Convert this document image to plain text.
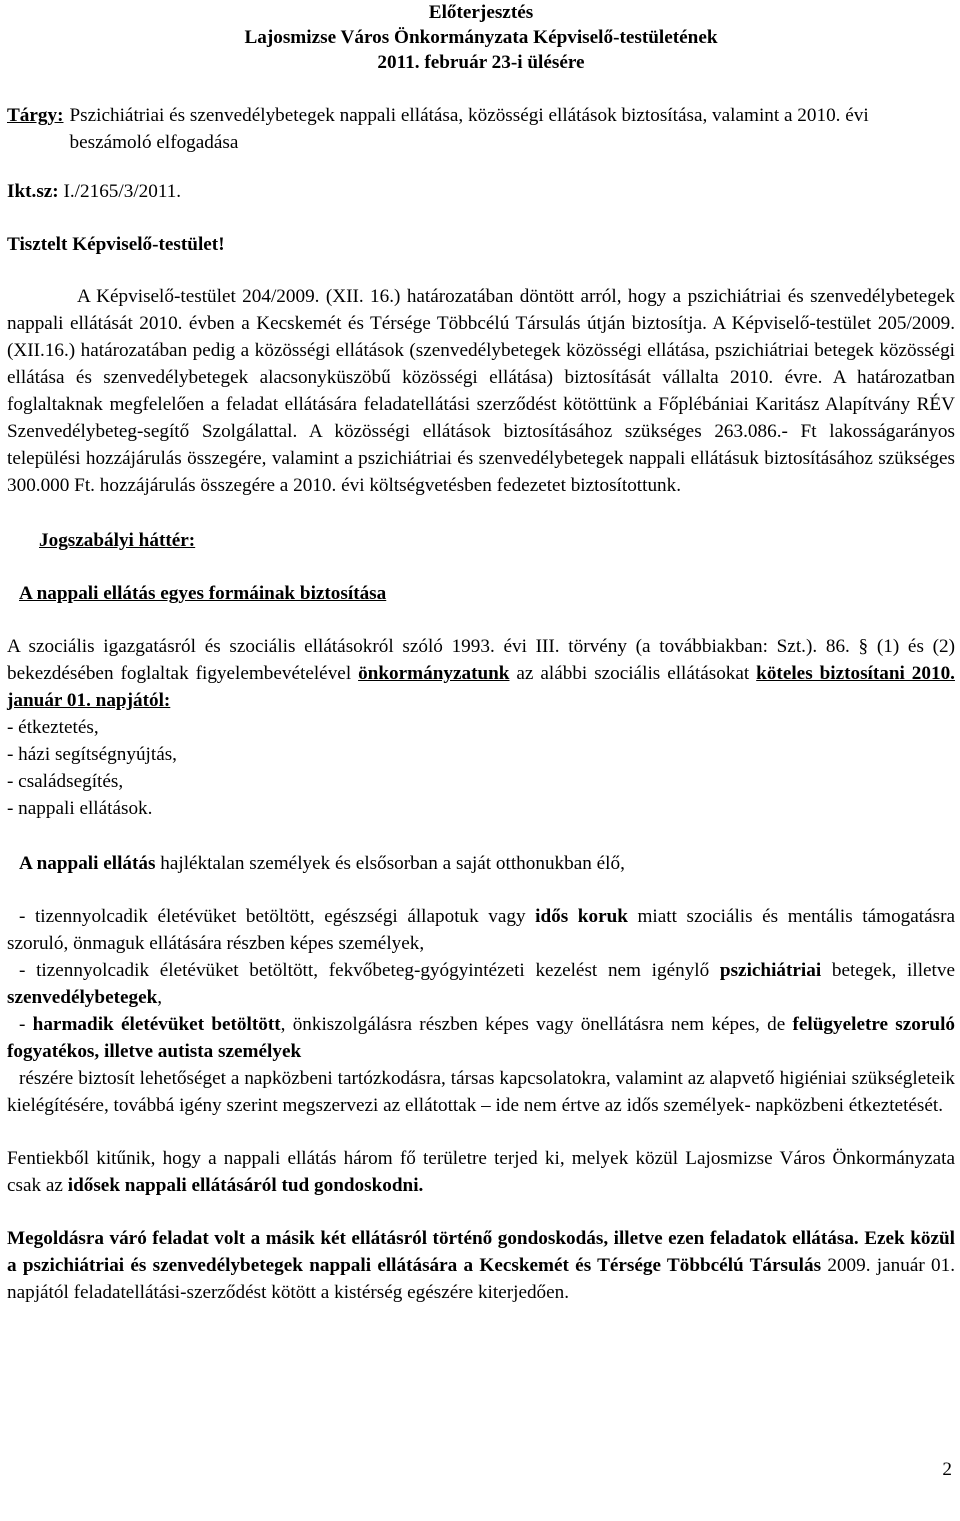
Előterjesztés
Lajosmizse Város Önkormányzata Képviselő-testületének
2011. február 23-i ülésére
Tárgy: Pszichiátriai és szenvedélybetegek nappali ellátása, közösségi ellátások biztosítása, valamint a 2010. évi beszámoló elfogadása
Ikt.sz: I./2165/3/2011.
Tisztelt Képviselő-testület!

A Képviselő-testület 204/2009. (XII. 16.) határozatában döntött arról, hogy a pszichiátriai és szenvedélybetegek nappali ellátását 2010. évben a Kecskemét és Térsége Többcélú Társulás útján biztosítja. A Képviselő-testület 205/2009. (XII.16.) határozatában pedig a közösségi ellátások (szenvedélybetegek közösségi ellátása, pszichiátriai betegek közösségi ellátása és szenvedélybetegek alacsonyküszöbű közösségi ellátása) biztosítását vállalta 2010. évre. A határozatban foglaltaknak megfelelően a feladat ellátására feladatellátási szerződést kötöttünk a Főplébániai Karitász Alapítvány RÉV Szenvedélybeteg-segítő Szolgálattal. A közösségi ellátások biztosításához szükséges 263.086.- Ft lakosságarányos települési hozzájárulás összegére, valamint a pszichiátriai és szenvedélybetegek nappali ellátásuk biztosításához szükséges 300.000 Ft. hozzájárulás összegére a 2010. évi költségvetésben fedezetet biztosítottunk.

Jogszabályi háttér:
A nappali ellátás egyes formáinak biztosítása

A szociális igazgatásról és szociális ellátásokról szóló 1993. évi III. törvény (a továbbiakban: Szt.). 86. § (1) és (2) bekezdésében foglaltak figyelembevételével önkormányzatunk az alábbi szociális ellátásokat köteles biztosítani 2010. január 01. napjától:

- étkeztetés,
- házi segítségnyújtás,
- családsegítés,
- nappali ellátások.

A nappali ellátás hajléktalan személyek és elsősorban a saját otthonukban élő,

- tizennyolcadik életévüket betöltött, egészségi állapotuk vagy idős koruk miatt szociális és mentális támogatásra szoruló, önmaguk ellátására részben képes személyek,

- tizennyolcadik életévüket betöltött, fekvőbeteg-gyógyintézeti kezelést nem igénylő pszichiátriai betegek, illetve szenvedélybetegek,

- harmadik életévüket betöltött, önkiszolgálásra részben képes vagy önellátásra nem képes, de felügyeletre szoruló fogyatékos, illetve autista személyek

részére biztosít lehetőséget a napközbeni tartózkodásra, társas kapcsolatokra, valamint az alapvető higiéniai szükségleteik kielégítésére, továbbá igény szerint megszervezi az ellátottak – ide nem értve az idős személyek- napközbeni étkeztetését.

Fentiekből kitűnik, hogy a nappali ellátás három fő területre terjed ki, melyek közül Lajosmizse Város Önkormányzata csak az idősek nappali ellátásáról tud gondoskodni.

Megoldásra váró feladat volt a másik két ellátásról történő gondoskodás, illetve ezen feladatok ellátása. Ezek közül a pszichiátriai és szenvedélybetegek nappali ellátására a Kecskemét és Térsége Többcélú Társulás 2009. január 01. napjától feladatellátási-szerződést kötött a kistérség egészére kiterjedően.

2
